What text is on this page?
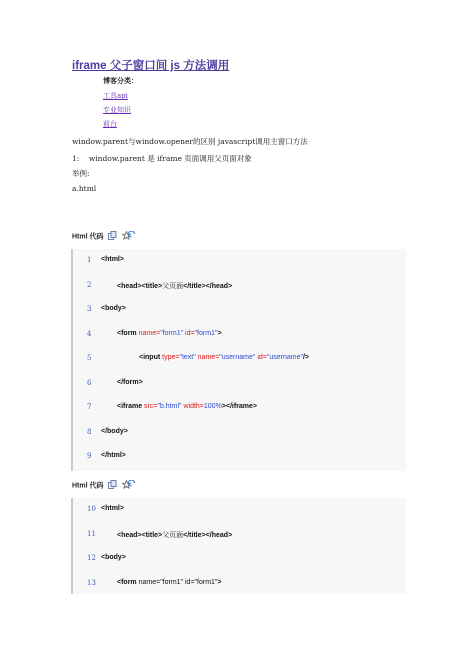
iframe 父子窗口间 js 方法调用
博客分类：
工具api
专业知识
前台
window.parent与window.opener的区别 javascript调用主窗口方法
1:    window.parent 是 iframe 页面调用父页面对象
举例:
a.html
Html 代码
1	<html>
2	<head><title>父页面</title></head>
3	<body>
4	<form name="form1" id="form1">
5	<input type="text" name="username" id="username"/>
6	</form>
7	<iframe src="b.html" width=100%></iframe>
8	</body>
9	</html>
Html 代码
10 <html>
11	<head><title>父页面</title></head>
12 <body>
13	<form name="form1" id="form1">
